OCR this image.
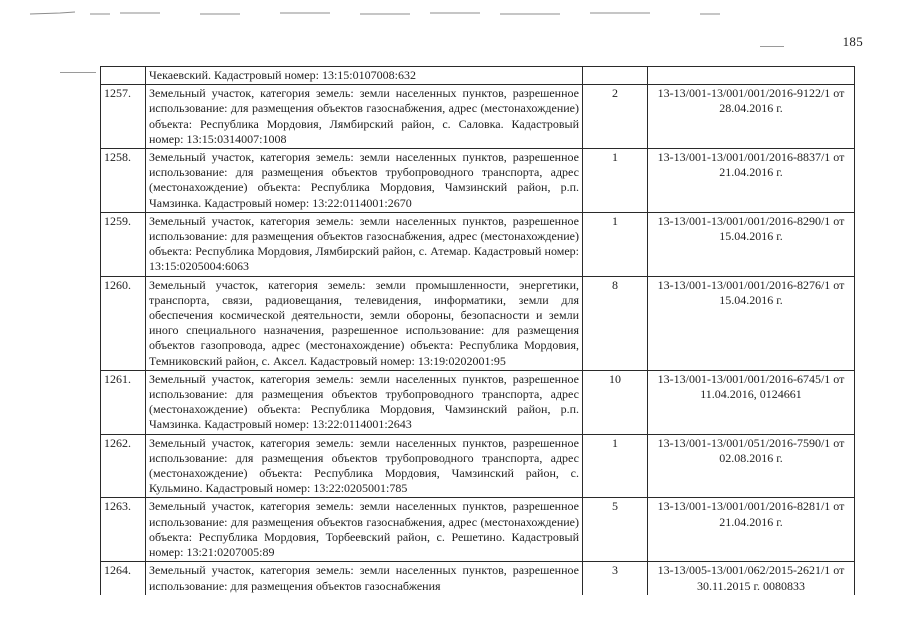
185

	Чекаевский. Кадастровый номер: 13:15:0107008:632		

1257.	Земельный участок, категория земель: земли населенных пунктов, разрешенное использование: для размещения объектов газоснабжения, адрес (местонахождение) объекта: Республика Мордовия, Лямбирский район, с. Саловка. Кадастровый номер: 13:15:0314007:1008	2	13-13/001-13/001/001/2016-9122/1 от 28.04.2016 г.
1258.	Земельный участок, категория земель: земли населенных пунктов, разрешенное использование: для размещения объектов трубопроводного транспорта, адрес (местонахождение) объекта: Республика Мордовия, Чамзинский район, р.п. Чамзинка. Кадастровый номер: 13:22:0114001:2670	1	13-13/001-13/001/001/2016-8837/1 от 21.04.2016 г.
1259.	Земельный участок, категория земель: земли населенных пунктов, разрешенное использование: для размещения объектов газоснабжения, адрес (местонахождение) объекта: Республика Мордовия, Лямбирский район, с. Атемар. Кадастровый номер: 13:15:0205004:6063	1	13-13/001-13/001/001/2016-8290/1 от 15.04.2016 г.
1260.	Земельный участок, категория земель: земли промышленности, энергетики, транспорта, связи, радиовещания, телевидения, информатики, земли для обеспечения космической деятельности, земли обороны, безопасности и земли иного специального назначения, разрешенное использование: для размещения объектов газопровода, адрес (местонахождение) объекта: Республика Мордовия, Темниковский район, с. Аксел. Кадастровый номер: 13:19:0202001:95	8	13-13/001-13/001/001/2016-8276/1 от 15.04.2016 г.
1261.	Земельный участок, категория земель: земли населенных пунктов, разрешенное использование: для размещения объектов трубопроводного транспорта, адрес (местонахождение) объекта: Республика Мордовия, Чамзинский район, р.п. Чамзинка. Кадастровый номер: 13:22:0114001:2643	10	13-13/001-13/001/001/2016-6745/1 от 11.04.2016, 0124661
1262.	Земельный участок, категория земель: земли населенных пунктов, разрешенное использование: для размещения объектов трубопроводного транспорта, адрес (местонахождение) объекта: Республика Мордовия, Чамзинский район, с. Кульмино. Кадастровый номер: 13:22:0205001:785	1	13-13/001-13/001/051/2016-7590/1 от 02.08.2016 г.
1263.	Земельный участок, категория земель: земли населенных пунктов, разрешенное использование: для размещения объектов газоснабжения, адрес (местонахождение) объекта: Республика Мордовия, Торбеевский район, с. Решетино. Кадастровый номер: 13:21:0207005:89	5	13-13/001-13/001/001/2016-8281/1 от 21.04.2016 г.
1264.	Земельный участок, категория земель: земли населенных пунктов, разрешенное использование: для размещения объектов газоснабжения	3	13-13/005-13/001/062/2015-2621/1 от 30.11.2015 г. 0080833
